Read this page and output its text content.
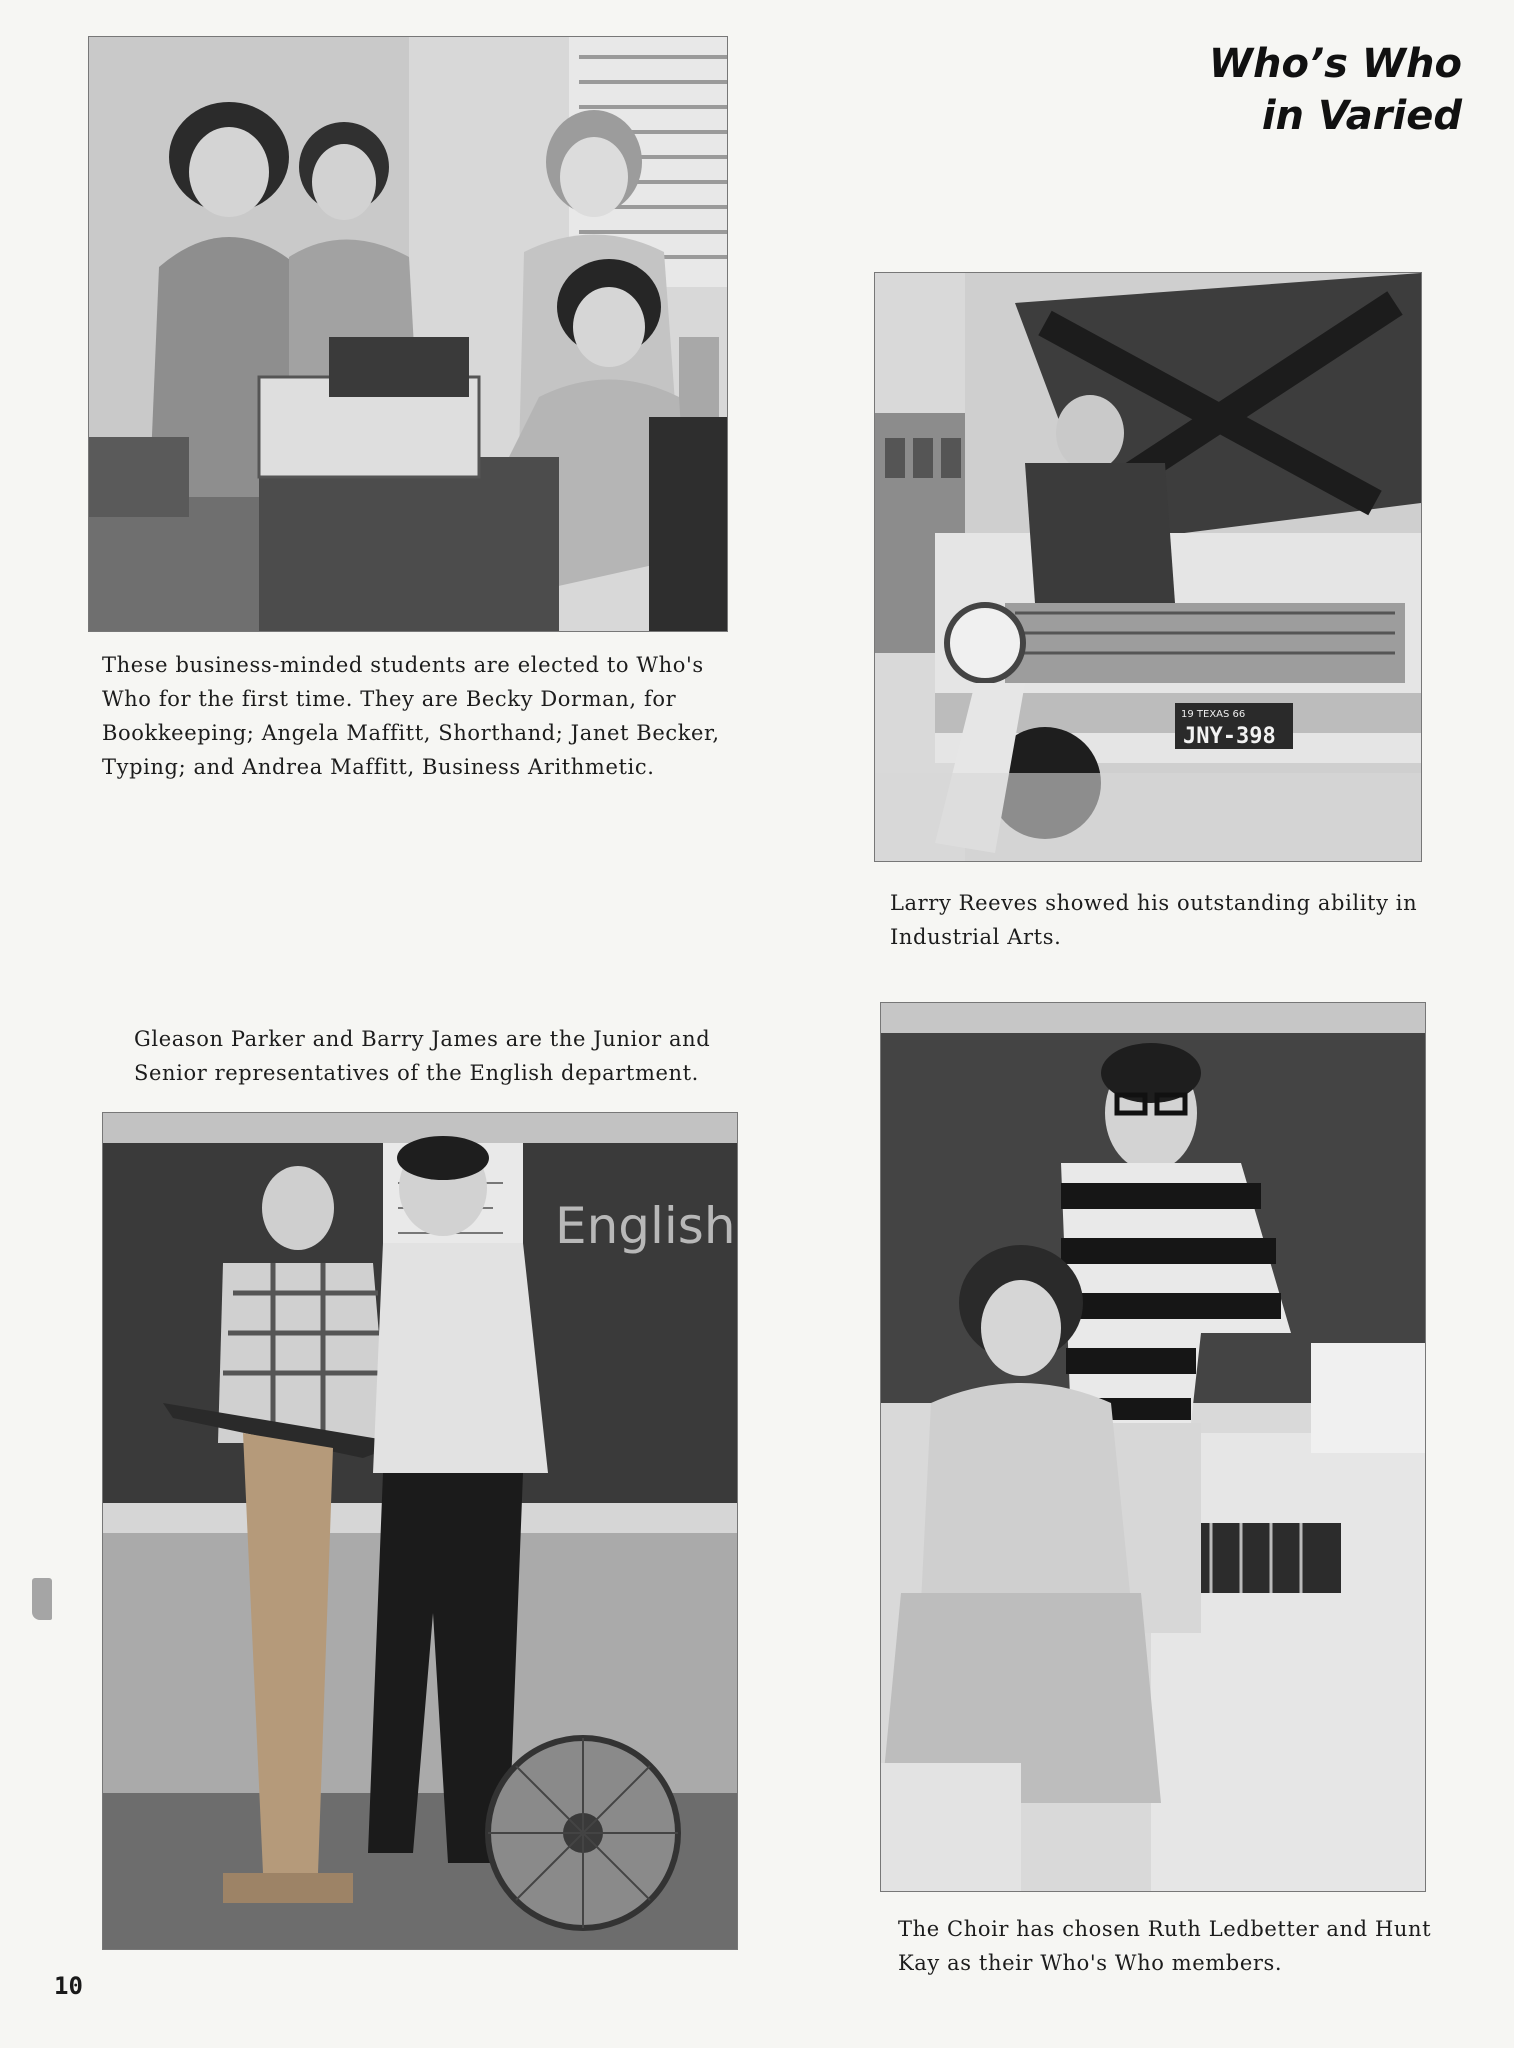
Who’s Who
in Varied
These business-minded students are elected to Who's
Who for the first time. They are Becky Dorman, for
Bookkeeping; Angela Maffitt, Shorthand; Janet Becker,
Typing; and Andrea Maffitt, Business Arithmetic.
19 TEXAS 66
JNY-398
Larry Reeves showed his outstanding ability in
Industrial Arts.
Gleason Parker and Barry James are the Junior and
Senior representatives of the English department.
English
The Choir has chosen Ruth Ledbetter and Hunt
Kay as their Who's Who members.
10
